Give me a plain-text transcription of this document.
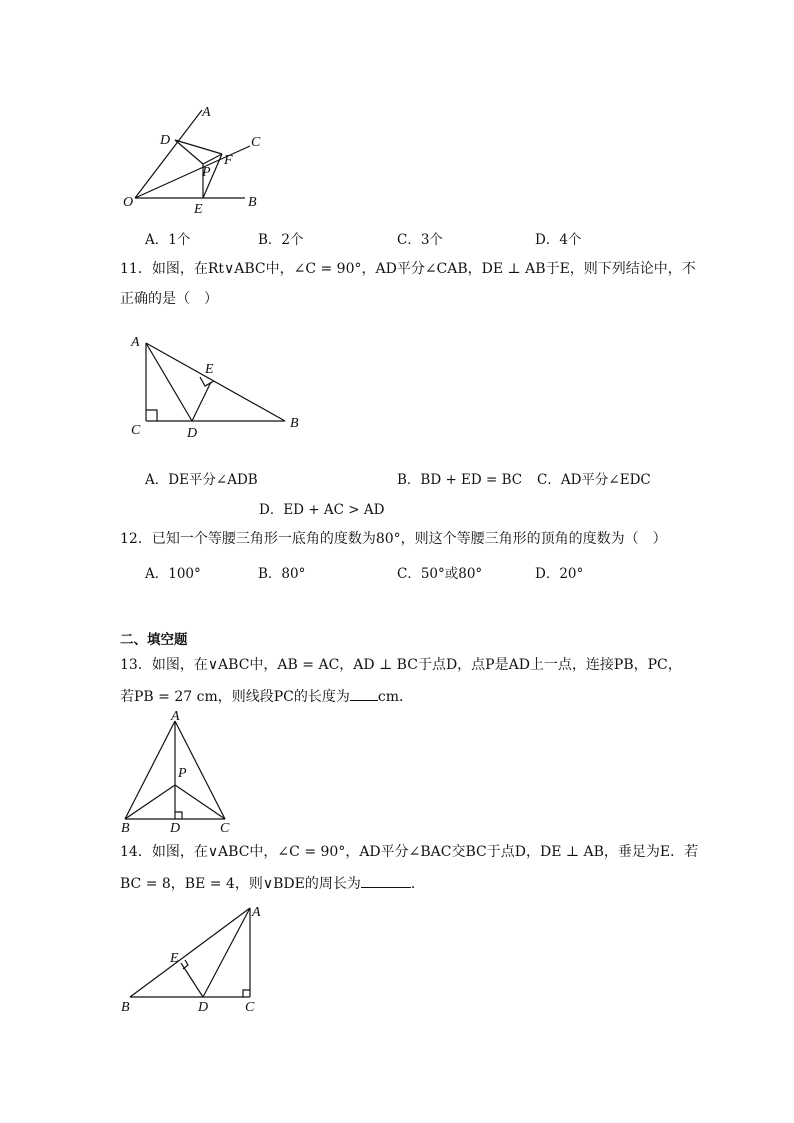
A
D	C
F
P
O	E	B
A．1个	B．2个	C．3个	D．4个
11．如图，在Rt∨ABC中，∠C = 90°，AD平分∠CAB，DE ⊥ AB于E，则下列结论中，不
正确的是（　）
A
E
C	D
B
A．DE平分∠ADB	B．BD + ED = BC C．AD平分∠EDC
D．ED + AC > AD
12．已知一个等腰三角形一底角的度数为80°，则这个等腰三角形的顶角的度数为（　）
A．100°	B．80°	C．50°或80°	D．20°
二、填空题
13．如图，在∨ABC中，AB = AC，AD ⊥ BC于点D，点P是AD上一点，连接PB，PC，
若PB = 27 cm，则线段PC的长度为 cm．
A
P
B	D	C
14．如图，在∨ABC中，∠C = 90°，AD平分∠BAC交BC于点D，DE ⊥ AB，垂足为E．若
BC = 8，BE = 4，则∨BDE的周长为	．
A
E
B	D	C
